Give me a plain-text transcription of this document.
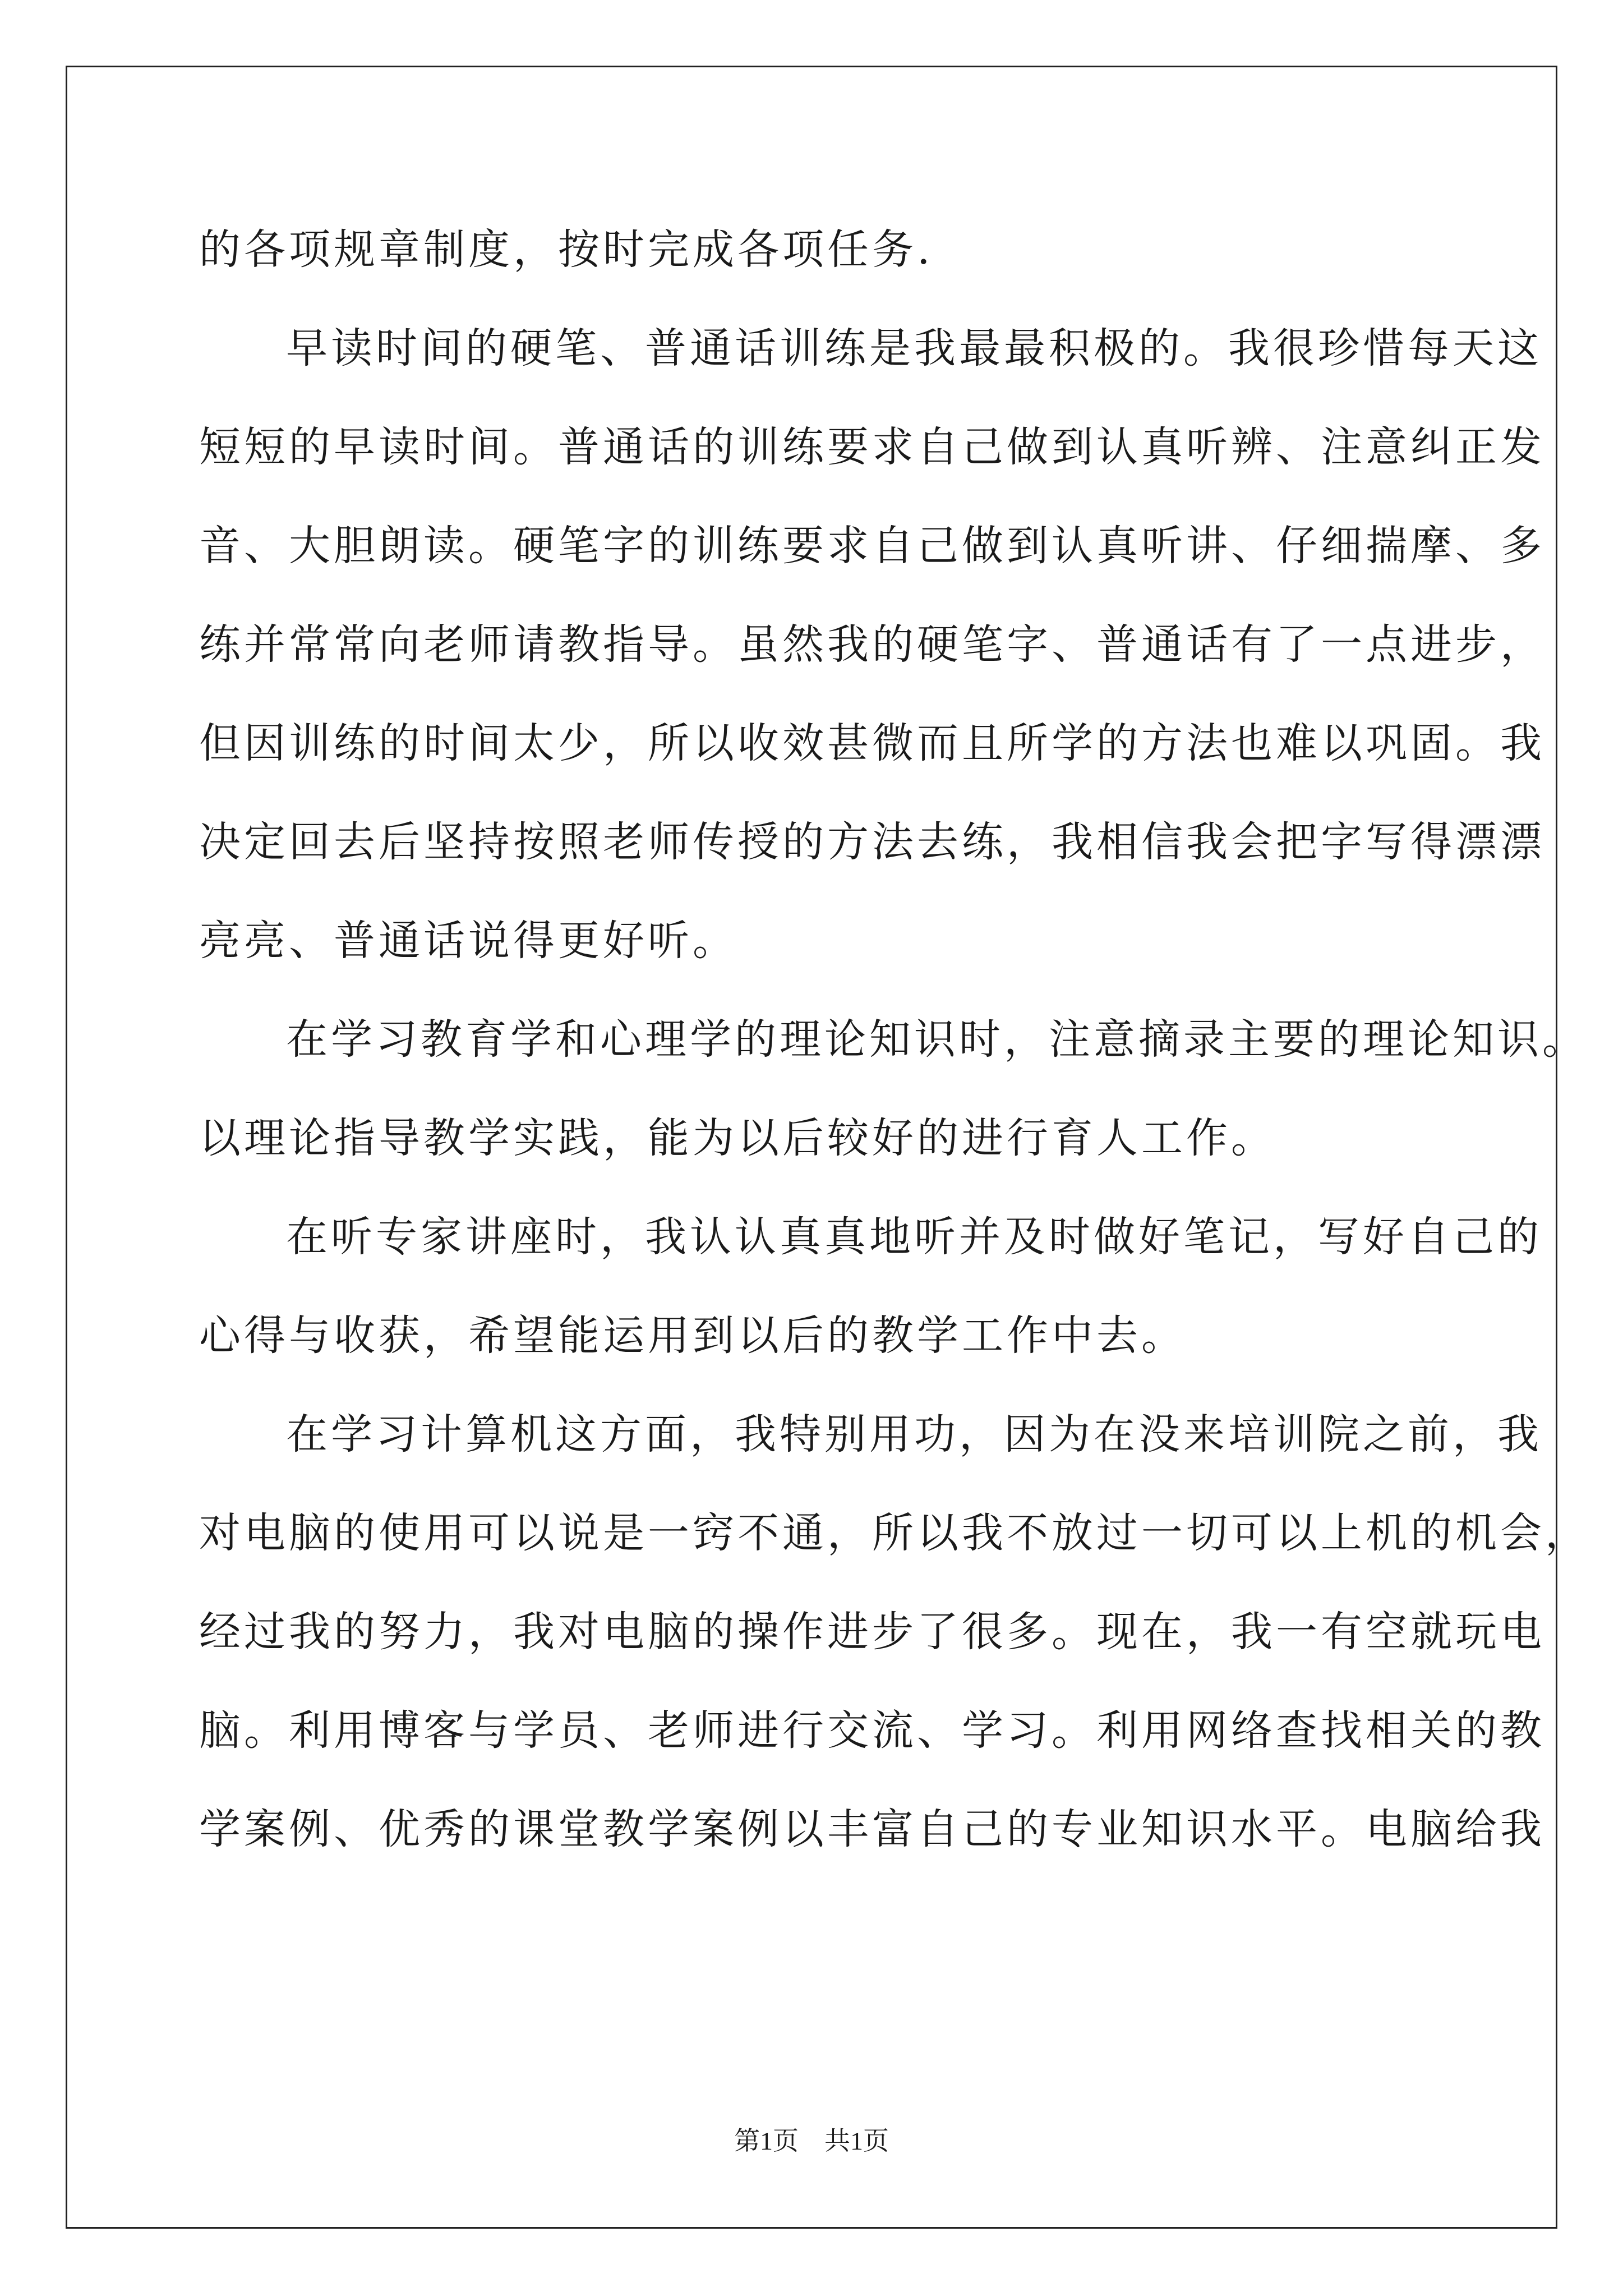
的各项规章制度，按时完成各项任务.
早读时间的硬笔、普通话训练是我最最积极的。我很珍惜每天这
短短的早读时间。普通话的训练要求自己做到认真听辨、注意纠正发
音、大胆朗读。硬笔字的训练要求自己做到认真听讲、仔细揣摩、多
练并常常向老师请教指导。虽然我的硬笔字、普通话有了一点进步，
但因训练的时间太少，所以收效甚微而且所学的方法也难以巩固。我
决定回去后坚持按照老师传授的方法去练，我相信我会把字写得漂漂
亮亮、普通话说得更好听。
在学习教育学和心理学的理论知识时，注意摘录主要的理论知识。
以理论指导教学实践，能为以后较好的进行育人工作。
在听专家讲座时，我认认真真地听并及时做好笔记，写好自己的
心得与收获，希望能运用到以后的教学工作中去。
在学习计算机这方面，我特别用功，因为在没来培训院之前，我
对电脑的使用可以说是一窍不通，所以我不放过一切可以上机的机会，
经过我的努力，我对电脑的操作进步了很多。现在，我一有空就玩电
脑。利用博客与学员、老师进行交流、学习。利用网络查找相关的教
学案例、优秀的课堂教学案例以丰富自己的专业知识水平。电脑给我
第1页　共1页
